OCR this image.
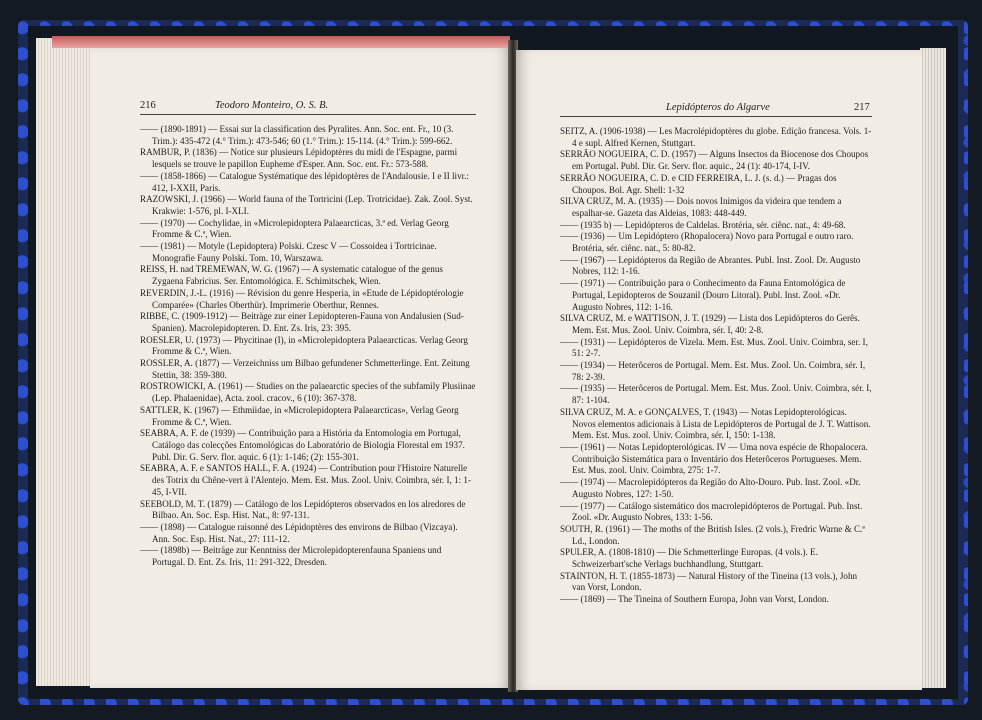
216	Teodoro Monteiro, O. S. B.

—— (1890-1891) — Essai sur la classification des Pyralites. Ann. Soc. ent. Fr., 10 (3. Trim.): 435-472 (4.° Trim.): 473-546; 60 (1.° Trim.): 15-114. (4.° Trim.): 599-662.

RAMBUR, P. (1836) — Notice sur plusieurs Lépidoptères du midi de l'Espagne, parmi lesquels se trouve le papillon Eupheme d'Esper. Ann. Soc. ent. Fr.: 573-588.

—— (1858-1866) — Catalogue Systématique des lépidoptères de l'Andalousie. I e II livr.: 412, I-XXII, Paris.

RAZOWSKI, J. (1966) — World fauna of the Tortricini (Lep. Trotricidae). Zak. Zool. Syst. Krakwie: 1-576, pl. I-XLI.

—— (1970) — Cochylidae, in «Microlepidoptera Palaearcticas, 3.ª ed. Verlag Georg Fromme & C.ª, Wien.

—— (1981) — Motyle (Lepidoptera) Polski. Czesc V — Cossoidea i Tortricinae. Monografie Fauny Polski. Tom. 10, Warszawa.

REISS, H. nad TREMEWAN, W. G. (1967) — A systematic catalogue of the genus Zygaena Fabricius. Ser. Entomológica. E. Schimitschek, Wien.

REVERDIN, J.-L. (1916) — Révision du genre Hesperia, in «Etude de Lépidoptérologie Comparée» (Charles Oberthür). Imprimerie Oberthur, Rennes.

RIBBE, C. (1909-1912) — Beiträge zur einer Lepidopteren-Fauna von Andalusien (Sud-Spanien). Macrolepidopteren. D. Ent. Zs. Iris, 23: 395.

ROESLER, U. (1973) — Phycitinae (I), in «Microlepidoptera Palaearcticas. Verlag Georg Fromme & C.ª, Wien.

ROSSLER, A. (1877) — Verzeichniss um Bilbao gefundener Schmetterlinge. Ent. Zeitung Stettin, 38: 359-380.

ROSTROWICKI, A. (1961) — Studies on the palaearctic species of the subfamily Plusiinae (Lep. Phalaenidae), Acta. zool. cracov., 6 (10): 367-378.

SATTLER, K. (1967) — Ethmiidae, in «Microlepidoptera Palaearcticas», Verlag Georg Fromme & C.ª, Wien.

SEABRA, A. F. de (1939) — Contribuição para a História da Entomologia em Portugal, Catálogo das colecções Entomológicas do Laboratório de Biologia Florestal em 1937. Publ. Dir. G. Serv. flor. aquic. 6 (1): 1-146; (2): 155-301.

SEABRA, A. F. e SANTOS HALL, F. A. (1924) — Contribution pour l'Histoire Naturelle des Totrix du Chêne-vert à l'Alentejo. Mem. Est. Mus. Zool. Univ. Coimbra, sér. I, 1: 1-45, I-VII.

SEEBOLD, M. T. (1879) — Catálogo de los Lepidópteros observados en los alredores de Bilbao. An. Soc. Esp. Hist. Nat., 8: 97-131.

—— (1898) — Catalogue raisonné des Lépidoptères des environs de Bilbao (Vizcaya). Ann. Soc. Esp. Hist. Nat., 27: 111-12.

—— (1898b) — Beiträge zur Kenntniss der Microlepidopterenfauna Spaniens und Portugal. D. Ent. Zs. Iris, 11: 291-322, Dresden.

Lepidópteros do Algarve	217

SEITZ, A. (1906-1938) — Les Macrolépidoptères du globe. Edição francesa. Vols. 1-4 e supl. Alfred Kernen, Stuttgart.

SERRÃO NOGUEIRA, C. D. (1957) — Alguns Insectos da Biocenose dos Choupos em Portugal. Publ. Dir. Gr. Serv. flor. aquic., 24 (1): 40-174, I-IV.

SERRÃO NOGUEIRA, C. D. e CID FERREIRA, L. J. (s. d.) — Pragas dos Choupos. Bol. Agr. Shell: 1-32

SILVA CRUZ, M. A. (1935) — Dois novos Inimigos da videira que tendem a espalhar-se. Gazeta das Aldeias, 1083: 448-449.

—— (1935 b) — Lepidópteros de Caldelas. Brotéria, sér. ciênc. nat., 4: 49-68.

—— (1936) — Um Lepidóptero (Rhopalocera) Novo para Portugal e outro raro. Brotéria, sér. ciênc. nat., 5: 80-82.

—— (1967) — Lepidópteros da Região de Abrantes. Publ. Inst. Zool. Dr. Augusto Nobres, 112: 1-16.

—— (1971) — Contribuição para o Conhecimento da Fauna Entomológica de Portugal, Lepidopteros de Souzanil (Douro Litoral). Publ. Inst. Zool. «Dr. Augusto Nobres, 112: 1-16.

SILVA CRUZ, M. e WATTISON, J. T. (1929) — Lista dos Lepidópteros do Gerês. Mem. Est. Mus. Zool. Univ. Coimbra, sér. I, 40: 2-8.

—— (1931) — Lepidópteros de Vizela. Mem. Est. Mus. Zool. Univ. Coimbra, ser. I, 51: 2-7.

—— (1934) — Heterôceros de Portugal. Mem. Est. Mus. Zool. Un. Coimbra, sér. I, 78: 2-39.

—— (1935) — Heterôceros de Portugal. Mem. Est. Mus. Zool. Univ. Coimbra, sér. I, 87: 1-104.

SILVA CRUZ, M. A. e GONÇALVES, T. (1943) — Notas Lepidopterológicas. Novos elementos adicionais à Lista de Lepidópteros de Portugal de J. T. Wattison. Mem. Est. Mus. zool. Univ. Coimbra, sér. I, 150: 1-138.

—— (1961) — Notas Lepidopterológicas. IV — Uma nova espécie de Rhopalocera. Contribuição Sistemática para o Inventário dos Heterôceros Portugueses. Mem. Est. Mus. zool. Univ. Coimbra, 275: 1-7.

—— (1974) — Macrolepidópteros da Região do Alto-Douro. Pub. Inst. Zool. «Dr. Augusto Nobres, 127: 1-50.

—— (1977) — Catálogo sistemático dos macrolepidópteros de Portugal. Pub. Inst. Zool. «Dr. Augusto Nobres, 133: 1-56.

SOUTH, R. (1961) — The moths of the British Isles. (2 vols.), Fredric Warne & C.ª Ld., London.

SPULER, A. (1808-1810) — Die Schmetterlinge Europas. (4 vols.). E. Schweizerbart'sche Verlags buchhandlung, Stuttgart.

STAINTON, H. T. (1855-1873) — Natural History of the Tineina (13 vols.), John van Vorst, London.

—— (1869) — The Tineina of Southern Europa, John van Vorst, London.
